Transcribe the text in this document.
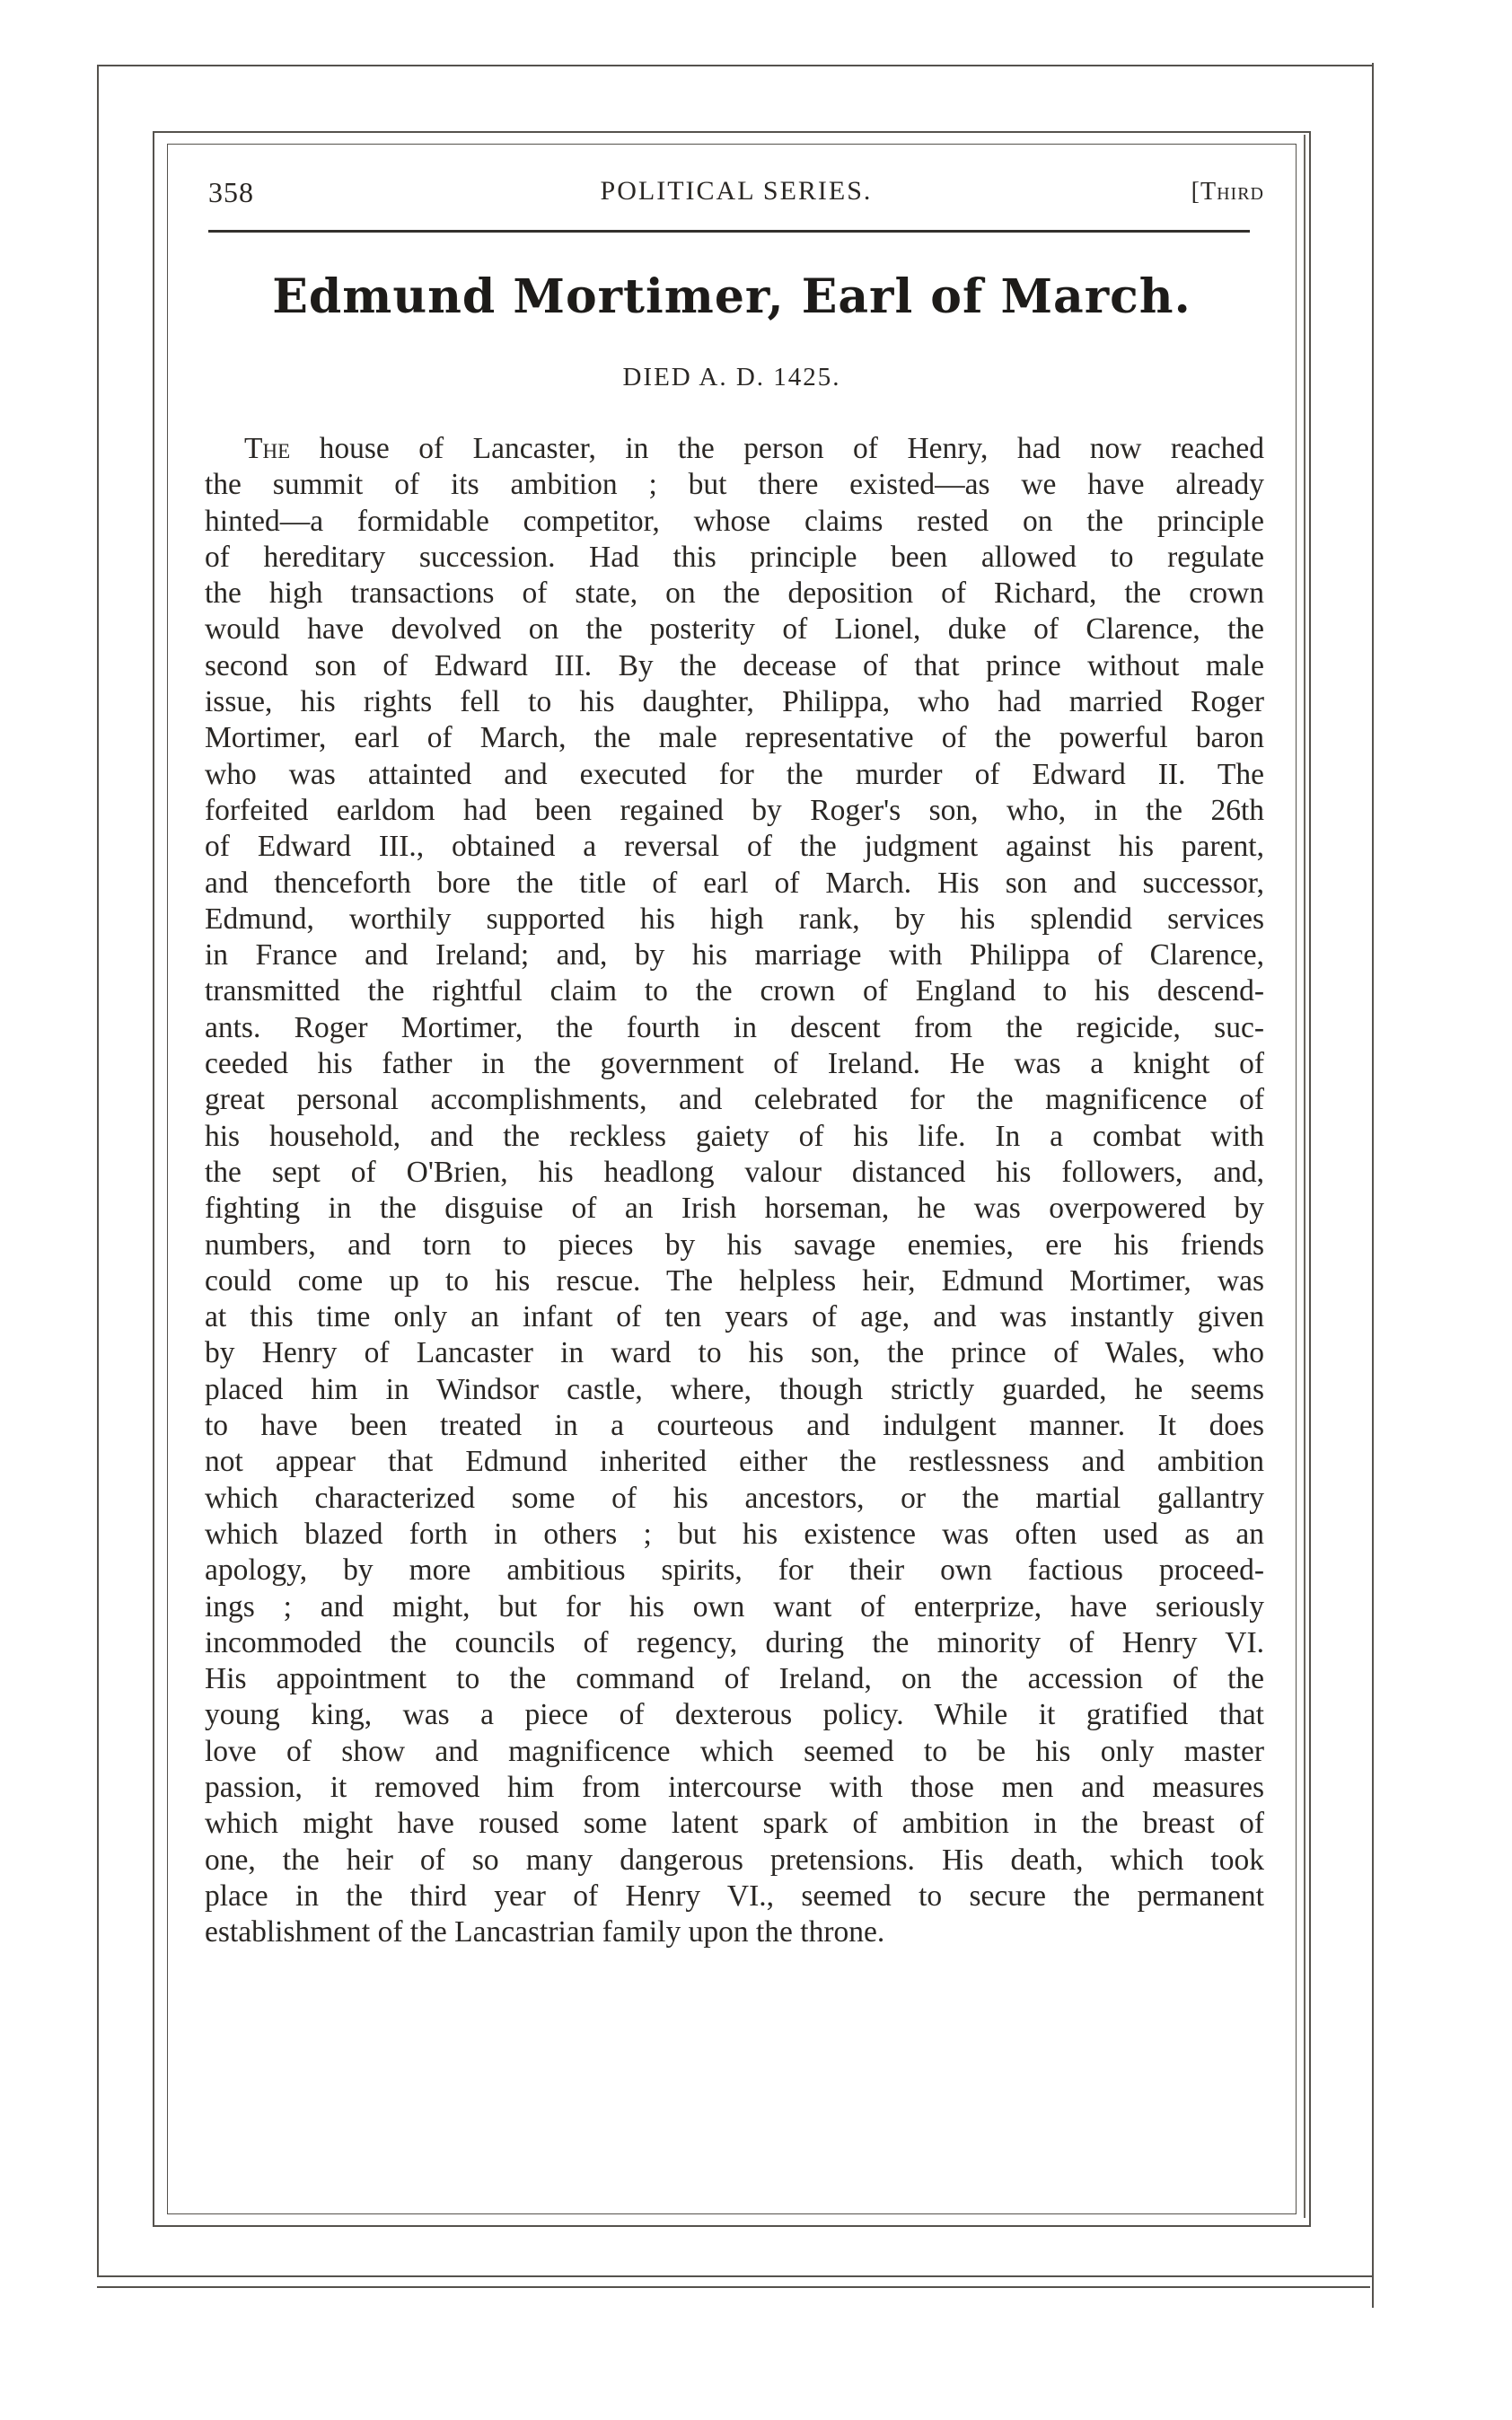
358	POLITICAL SERIES.	[Third
Edmund Mortimer, Earl of March.
DIED A. D. 1425.
The house of Lancaster, in the person of Henry, had now reached
the summit of its ambition ; but there existed—as we have already
hinted—a formidable competitor, whose claims rested on the principle
of hereditary succession. Had this principle been allowed to regulate
the high transactions of state, on the deposition of Richard, the crown
would have devolved on the posterity of Lionel, duke of Clarence, the
second son of Edward III. By the decease of that prince without male
issue, his rights fell to his daughter, Philippa, who had married Roger
Mortimer, earl of March, the male representative of the powerful baron
who was attainted and executed for the murder of Edward II. The
forfeited earldom had been regained by Roger's son, who, in the 26th
of Edward III., obtained a reversal of the judgment against his parent,
and thenceforth bore the title of earl of March. His son and successor,
Edmund, worthily supported his high rank, by his splendid services
in France and Ireland; and, by his marriage with Philippa of Clarence,
transmitted the rightful claim to the crown of England to his descend-
ants. Roger Mortimer, the fourth in descent from the regicide, suc-
ceeded his father in the government of Ireland. He was a knight of
great personal accomplishments, and celebrated for the magnificence of
his household, and the reckless gaiety of his life. In a combat with
the sept of O'Brien, his headlong valour distanced his followers, and,
fighting in the disguise of an Irish horseman, he was overpowered by
numbers, and torn to pieces by his savage enemies, ere his friends
could come up to his rescue. The helpless heir, Edmund Mortimer, was
at this time only an infant of ten years of age, and was instantly given
by Henry of Lancaster in ward to his son, the prince of Wales, who
placed him in Windsor castle, where, though strictly guarded, he seems
to have been treated in a courteous and indulgent manner. It does
not appear that Edmund inherited either the restlessness and ambition
which characterized some of his ancestors, or the martial gallantry
which blazed forth in others ; but his existence was often used as an
apology, by more ambitious spirits, for their own factious proceed-
ings ; and might, but for his own want of enterprize, have seriously
incommoded the councils of regency, during the minority of Henry VI.
His appointment to the command of Ireland, on the accession of the
young king, was a piece of dexterous policy. While it gratified that
love of show and magnificence which seemed to be his only master
passion, it removed him from intercourse with those men and measures
which might have roused some latent spark of ambition in the breast of
one, the heir of so many dangerous pretensions. His death, which took
place in the third year of Henry VI., seemed to secure the permanent
establishment of the Lancastrian family upon the throne.
